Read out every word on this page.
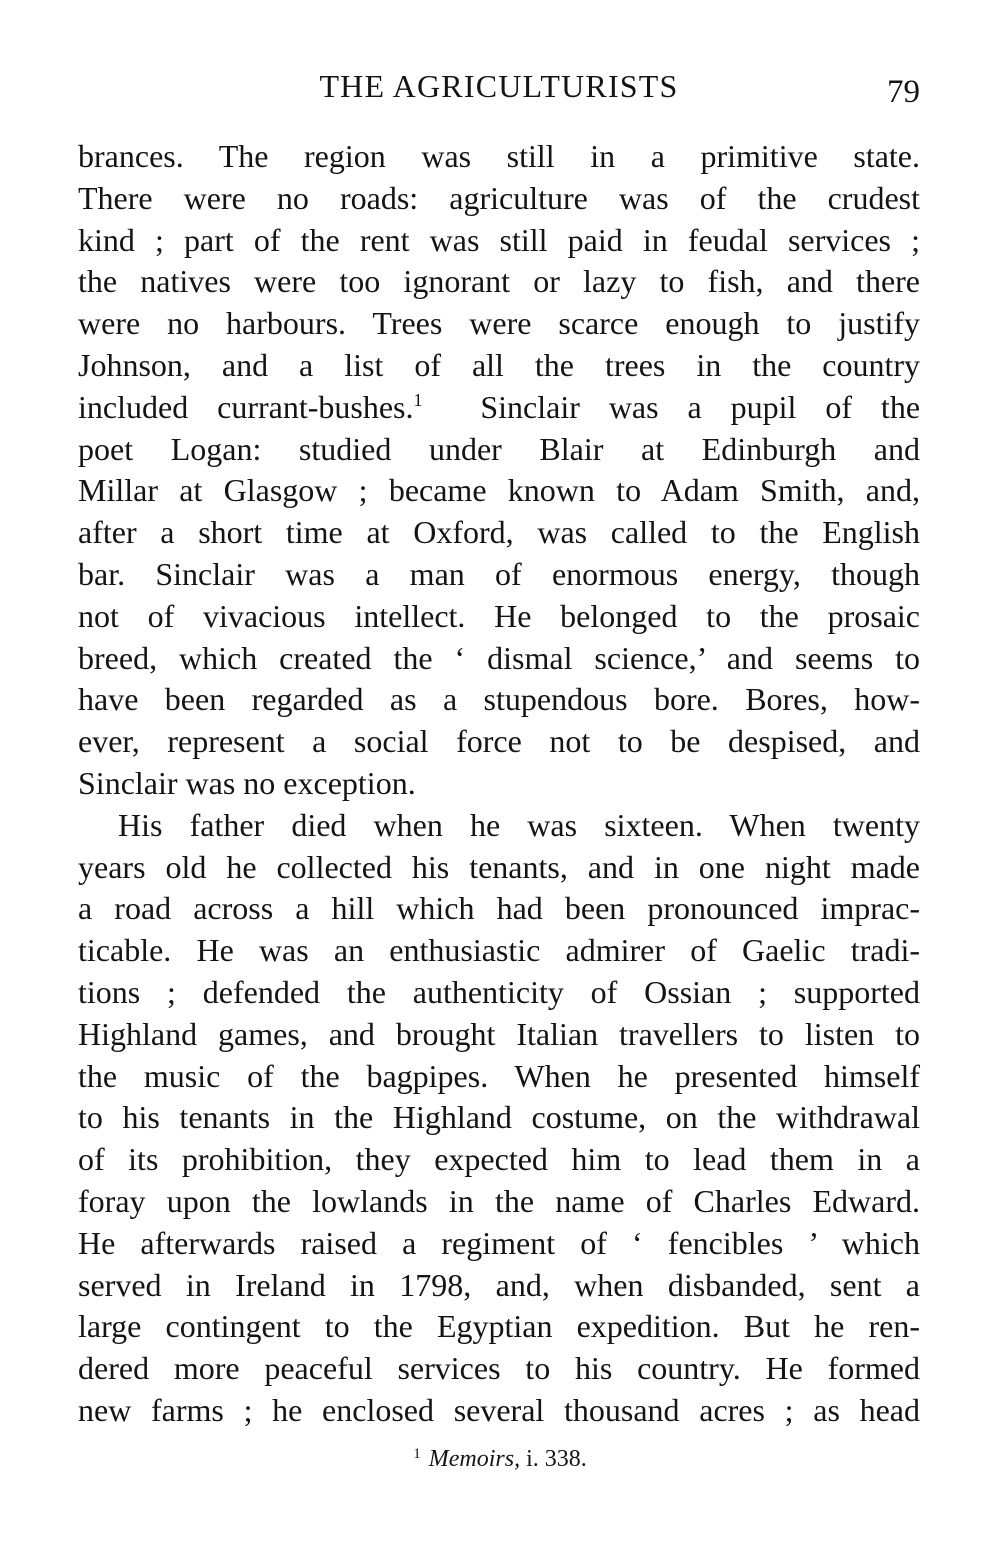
THE AGRICULTURISTS	79
brances. The region was still in a primitive state.
There were no roads: agriculture was of the crudest
kind ; part of the rent was still paid in feudal services ;
the natives were too ignorant or lazy to fish, and there
were no harbours. Trees were scarce enough to justify
Johnson, and a list of all the trees in the country
included currant-bushes.$^1$ Sinclair was a pupil of the
poet Logan: studied under Blair at Edinburgh and
Millar at Glasgow ; became known to Adam Smith, and,
after a short time at Oxford, was called to the English
bar. Sinclair was a man of enormous energy, though
not of vivacious intellect. He belonged to the prosaic
breed, which created the ‘ dismal science,’ and seems to
have been regarded as a stupendous bore. Bores, how-
ever, represent a social force not to be despised, and
Sinclair was no exception.
His father died when he was sixteen. When twenty
years old he collected his tenants, and in one night made
a road across a hill which had been pronounced imprac-
ticable. He was an enthusiastic admirer of Gaelic tradi-
tions ; defended the authenticity of Ossian ; supported
Highland games, and brought Italian travellers to listen to
the music of the bagpipes. When he presented himself
to his tenants in the Highland costume, on the withdrawal
of its prohibition, they expected him to lead them in a
foray upon the lowlands in the name of Charles Edward.
He afterwards raised a regiment of ‘ fencibles ’ which
served in Ireland in 1798, and, when disbanded, sent a
large contingent to the Egyptian expedition. But he ren-
dered more peaceful services to his country. He formed
new farms ; he enclosed several thousand acres ; as head
$^1$ Memoirs, i. 338.
